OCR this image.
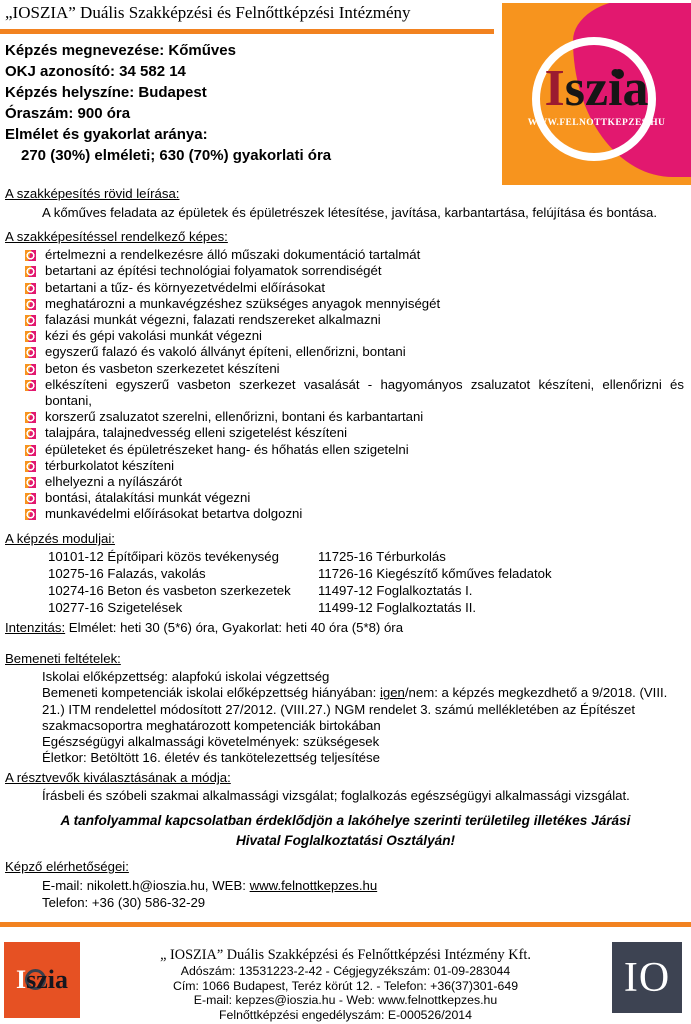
„IOSZIA” Duális Szakképzési és Felnőttképzési Intézmény
Iszia
WWW.FELNOTTKEPZES.HU
Képzés megnevezése: Kőműves
OKJ azonosító: 34 582 14
Képzés helyszíne: Budapest
Óraszám: 900 óra
Elmélet és gyakorlat aránya:
270 (30%) elméleti; 630 (70%) gyakorlati óra
A szakképesítés rövid leírása:
A kőműves feladata az épületek és épületrészek létesítése, javítása, karbantartása, felújítása és bontása.
A szakképesítéssel rendelkező képes:
értelmezni a rendelkezésre álló műszaki dokumentáció tartalmát
betartani az építési technológiai folyamatok sorrendiségét
betartani a tűz- és környezetvédelmi előírásokat
meghatározni a munkavégzéshez szükséges anyagok mennyiségét
falazási munkát végezni, falazati rendszereket alkalmazni
kézi és gépi vakolási munkát végezni
egyszerű falazó és vakoló állványt építeni, ellenőrizni, bontani
beton és vasbeton szerkezetet készíteni
elkészíteni egyszerű vasbeton szerkezet vasalását - hagyományos zsaluzatot készíteni, ellenőrizni és bontani,
korszerű zsaluzatot szerelni, ellenőrizni, bontani és karbantartani
talajpára, talajnedvesség elleni szigetelést készíteni
épületeket és épületrészeket hang- és hőhatás ellen szigetelni
térburkolatot készíteni
elhelyezni a nyílászárót
bontási, átalakítási munkát végezni
munkavédelmi előírásokat betartva dolgozni
A képzés moduljai:
10101-12 Építőipari közös tevékenység
10275-16 Falazás, vakolás
10274-16 Beton és vasbeton szerkezetek
10277-16 Szigetelések
11725-16 Térburkolás
11726-16 Kiegészítő kőműves feladatok
11497-12 Foglalkoztatás I.
11499-12 Foglalkoztatás II.
Intenzitás: Elmélet: heti 30 (5*6) óra, Gyakorlat: heti 40 óra (5*8) óra
Bemeneti feltételek:
Iskolai előképzettség: alapfokú iskolai végzettség
Bemeneti kompetenciák iskolai előképzettség hiányában: igen/nem: a képzés megkezdhető a 9/2018. (VIII. 21.) ITM rendelettel módosított 27/2012. (VIII.27.) NGM rendelet 3. számú mellékletében az Építészet szakmacsoportra meghatározott kompetenciák birtokában
Egészségügyi alkalmassági követelmények: szükségesek
Életkor: Betöltött 16. életév és tankötelezettség teljesítése
A résztvevők kiválasztásának a módja:
Írásbeli és szóbeli szakmai alkalmassági vizsgálat; foglalkozás egészségügyi alkalmassági vizsgálat.
A tanfolyammal kapcsolatban érdeklődjön a lakóhelye szerinti területileg illetékes Járási Hivatal Foglalkoztatási Osztályán!
Képző elérhetőségei:
E-mail: nikolett.h@ioszia.hu, WEB: www.felnottkepzes.hu
Telefon: +36 (30) 586-32-29
I szia
„ IOSZIA” Duális Szakképzési és Felnőttképzési Intézmény Kft.
Adószám: 13531223-2-42 - Cégjegyzékszám: 01-09-283044
Cím: 1066 Budapest, Teréz körút 12. - Telefon: +36(37)301-649
E-mail: kepzes@ioszia.hu - Web: www.felnottkepzes.hu
Felnőttképzési engedélyszám: E-000526/2014
IO
